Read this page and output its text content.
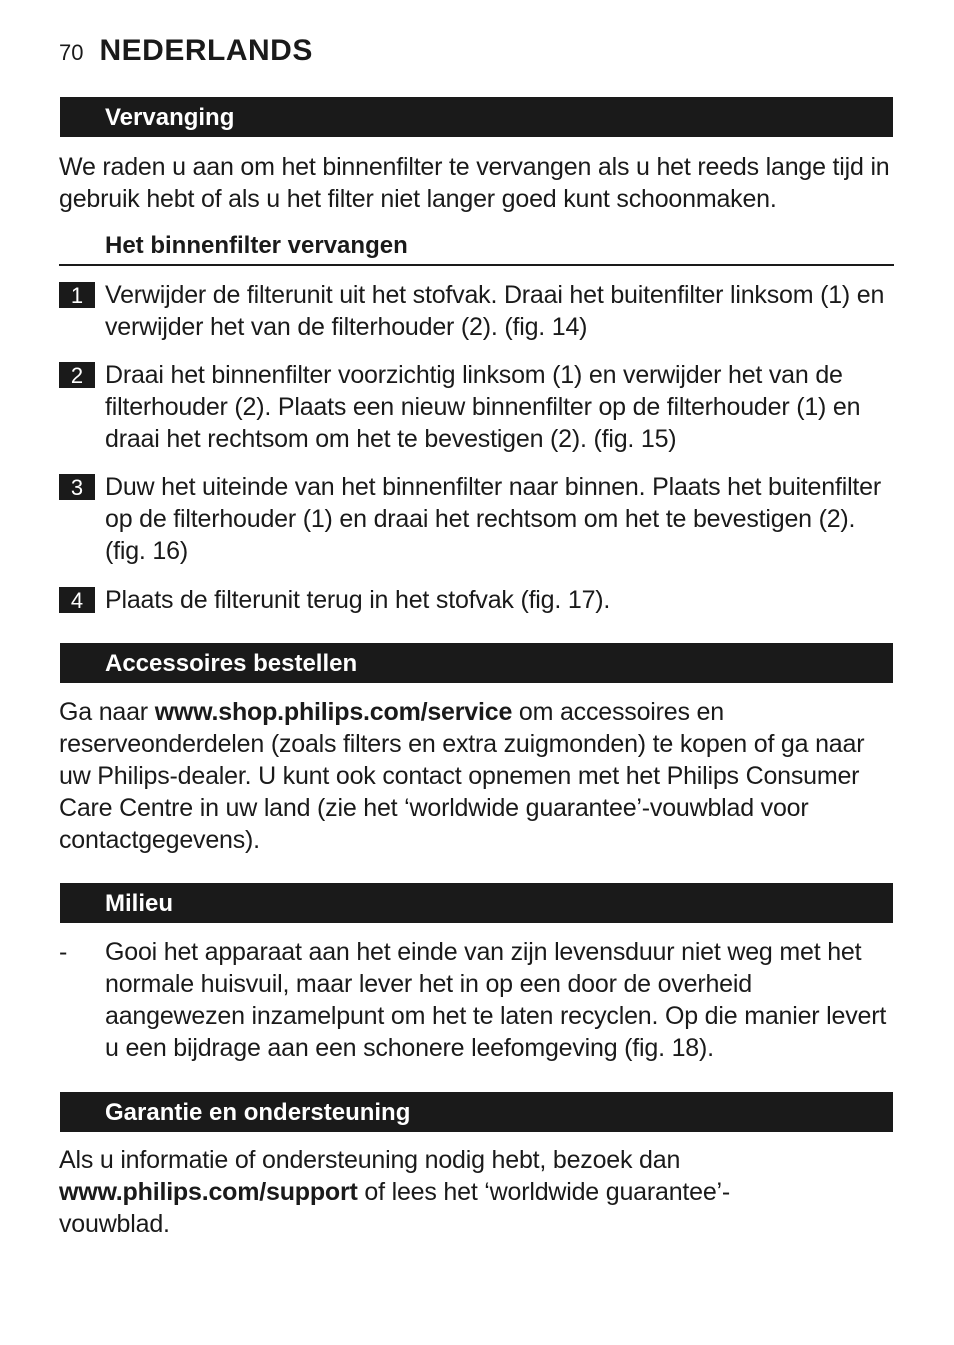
70 NEDERLANDS
Vervanging

We raden u aan om het binnenfilter te vervangen als u het reeds lange tijd in gebruik hebt of als u het filter niet langer goed kunt schoonmaken.

Het binnenfilter vervangen
1 Verwijder de filterunit uit het stofvak. Draai het buitenfilter linksom (1) en verwijder het van de filterhouder (2). (fig. 14)
2 Draai het binnenfilter voorzichtig linksom (1) en verwijder het van de filterhouder (2). Plaats een nieuw binnenfilter op de filterhouder (1) en draai het rechtsom om het te bevestigen (2). (fig. 15)
3 Duw het uiteinde van het binnenfilter naar binnen. Plaats het buitenfilter op de filterhouder (1) en draai het rechtsom om het te bevestigen (2). (fig. 16)
4 Plaats de filterunit terug in het stofvak (fig. 17).
Accessoires bestellen

Ga naar www.shop.philips.com/service om accessoires en reserveonderdelen (zoals filters en extra zuigmonden) te kopen of ga naar uw Philips-dealer. U kunt ook contact opnemen met het Philips Consumer Care Centre in uw land (zie het ‘worldwide guarantee’-vouwblad voor contactgegevens).

Milieu
-	Gooi het apparaat aan het einde van zijn levensduur niet weg met het normale huisvuil, maar lever het in op een door de overheid aangewezen inzamelpunt om het te laten recyclen. Op die manier levert u een bijdrage aan een schonere leefomgeving (fig. 18).
Garantie en ondersteuning

Als u informatie of ondersteuning nodig hebt, bezoek dan www.philips.com/support of lees het ‘worldwide guarantee’-vouwblad.
